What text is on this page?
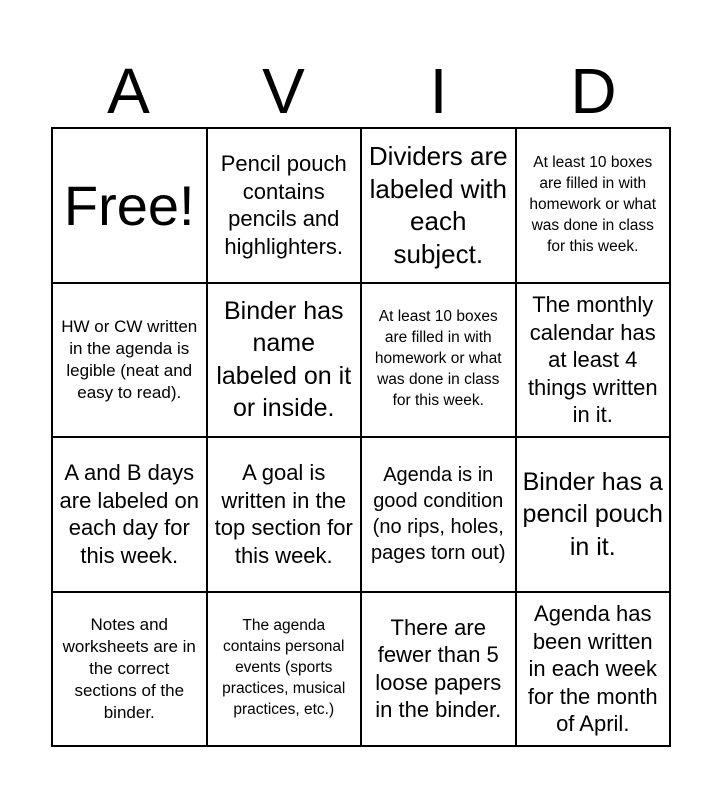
A	V	I	D
Free!
Pencil pouch contains pencils and highlighters.
Dividers are labeled with each subject.
At least 10 boxes are filled in with homework or what was done in class for this week.
HW or CW written in the agenda is legible (neat and easy to read).
Binder has name labeled on it or inside.
At least 10 boxes are filled in with homework or what was done in class for this week.
The monthly calendar has at least 4 things written in it.
A and B days are labeled on each day for this week.
A goal is written in the top section for this week.
Agenda is in good condition (no rips, holes, pages torn out)
Binder has a pencil pouch in it.
Notes and worksheets are in the correct sections of the binder.
The agenda contains personal events (sports practices, musical practices, etc.)
There are fewer than 5 loose papers in the binder.
Agenda has been written in each week for the month of April.
